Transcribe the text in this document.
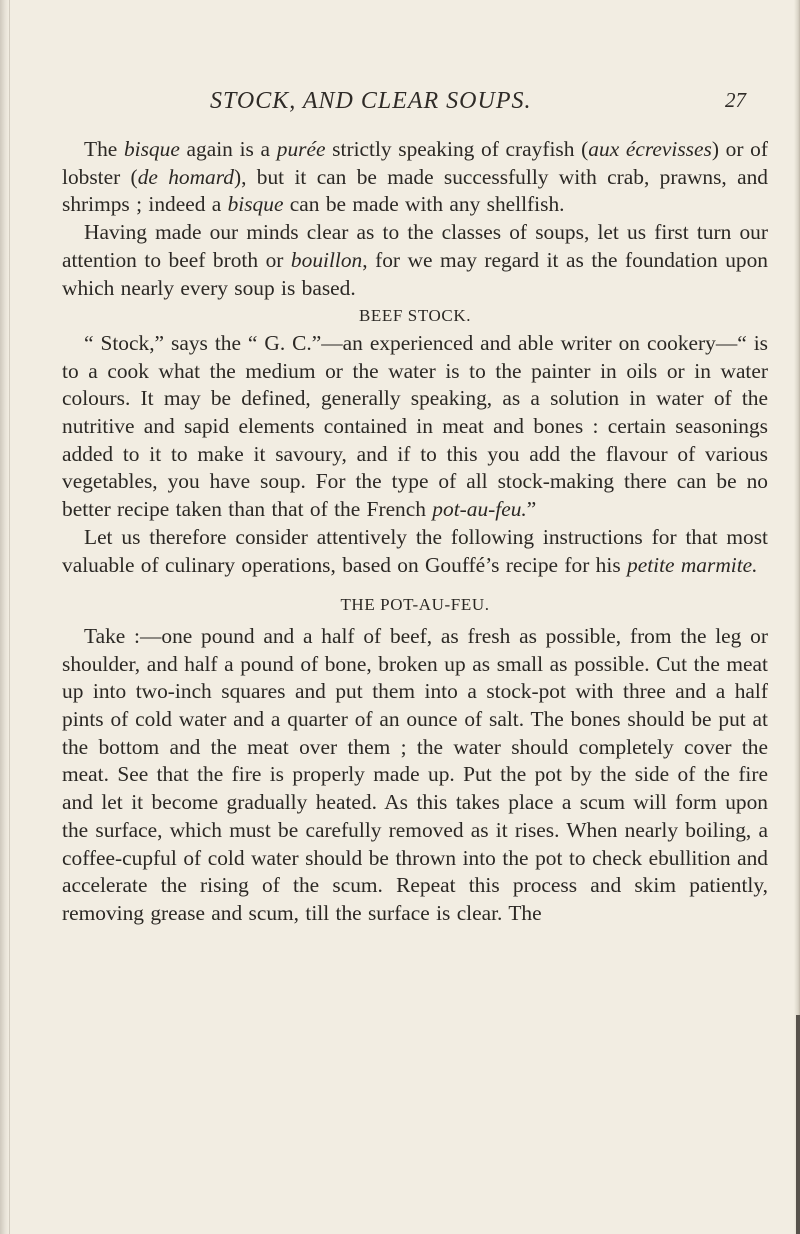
STOCK, AND CLEAR SOUPS.	27

The bisque again is a purée strictly speaking of crayfish (aux écrevisses) or of lobster (de homard), but it can be made successfully with crab, prawns, and shrimps ; indeed a bisque can be made with any shellfish.

Having made our minds clear as to the classes of soups, let us first turn our attention to beef broth or bouillon, for we may regard it as the foundation upon which nearly every soup is based.

BEEF STOCK.

“ Stock,” says the “ G. C.”—an experienced and able writer on cookery—“ is to a cook what the medium or the water is to the painter in oils or in water colours. It may be defined, generally speaking, as a solution in water of the nutritive and sapid elements contained in meat and bones : certain seasonings added to it to make it savoury, and if to this you add the flavour of various vegetables, you have soup. For the type of all stock-making there can be no better recipe taken than that of the French pot-au-feu.”

Let us therefore consider attentively the following instructions for that most valuable of culinary operations, based on Gouffé’s recipe for his petite marmite.

THE POT-AU-FEU.

Take :—one pound and a half of beef, as fresh as possible, from the leg or shoulder, and half a pound of bone, broken up as small as possible. Cut the meat up into two-inch squares and put them into a stock-pot with three and a half pints of cold water and a quarter of an ounce of salt. The bones should be put at the bottom and the meat over them ; the water should completely cover the meat. See that the fire is properly made up. Put the pot by the side of the fire and let it become gradually heated. As this takes place a scum will form upon the surface, which must be carefully removed as it rises. When nearly boiling, a coffee-cupful of cold water should be thrown into the pot to check ebullition and accelerate the rising of the scum. Repeat this process and skim patiently, removing grease and scum, till the surface is clear. The
